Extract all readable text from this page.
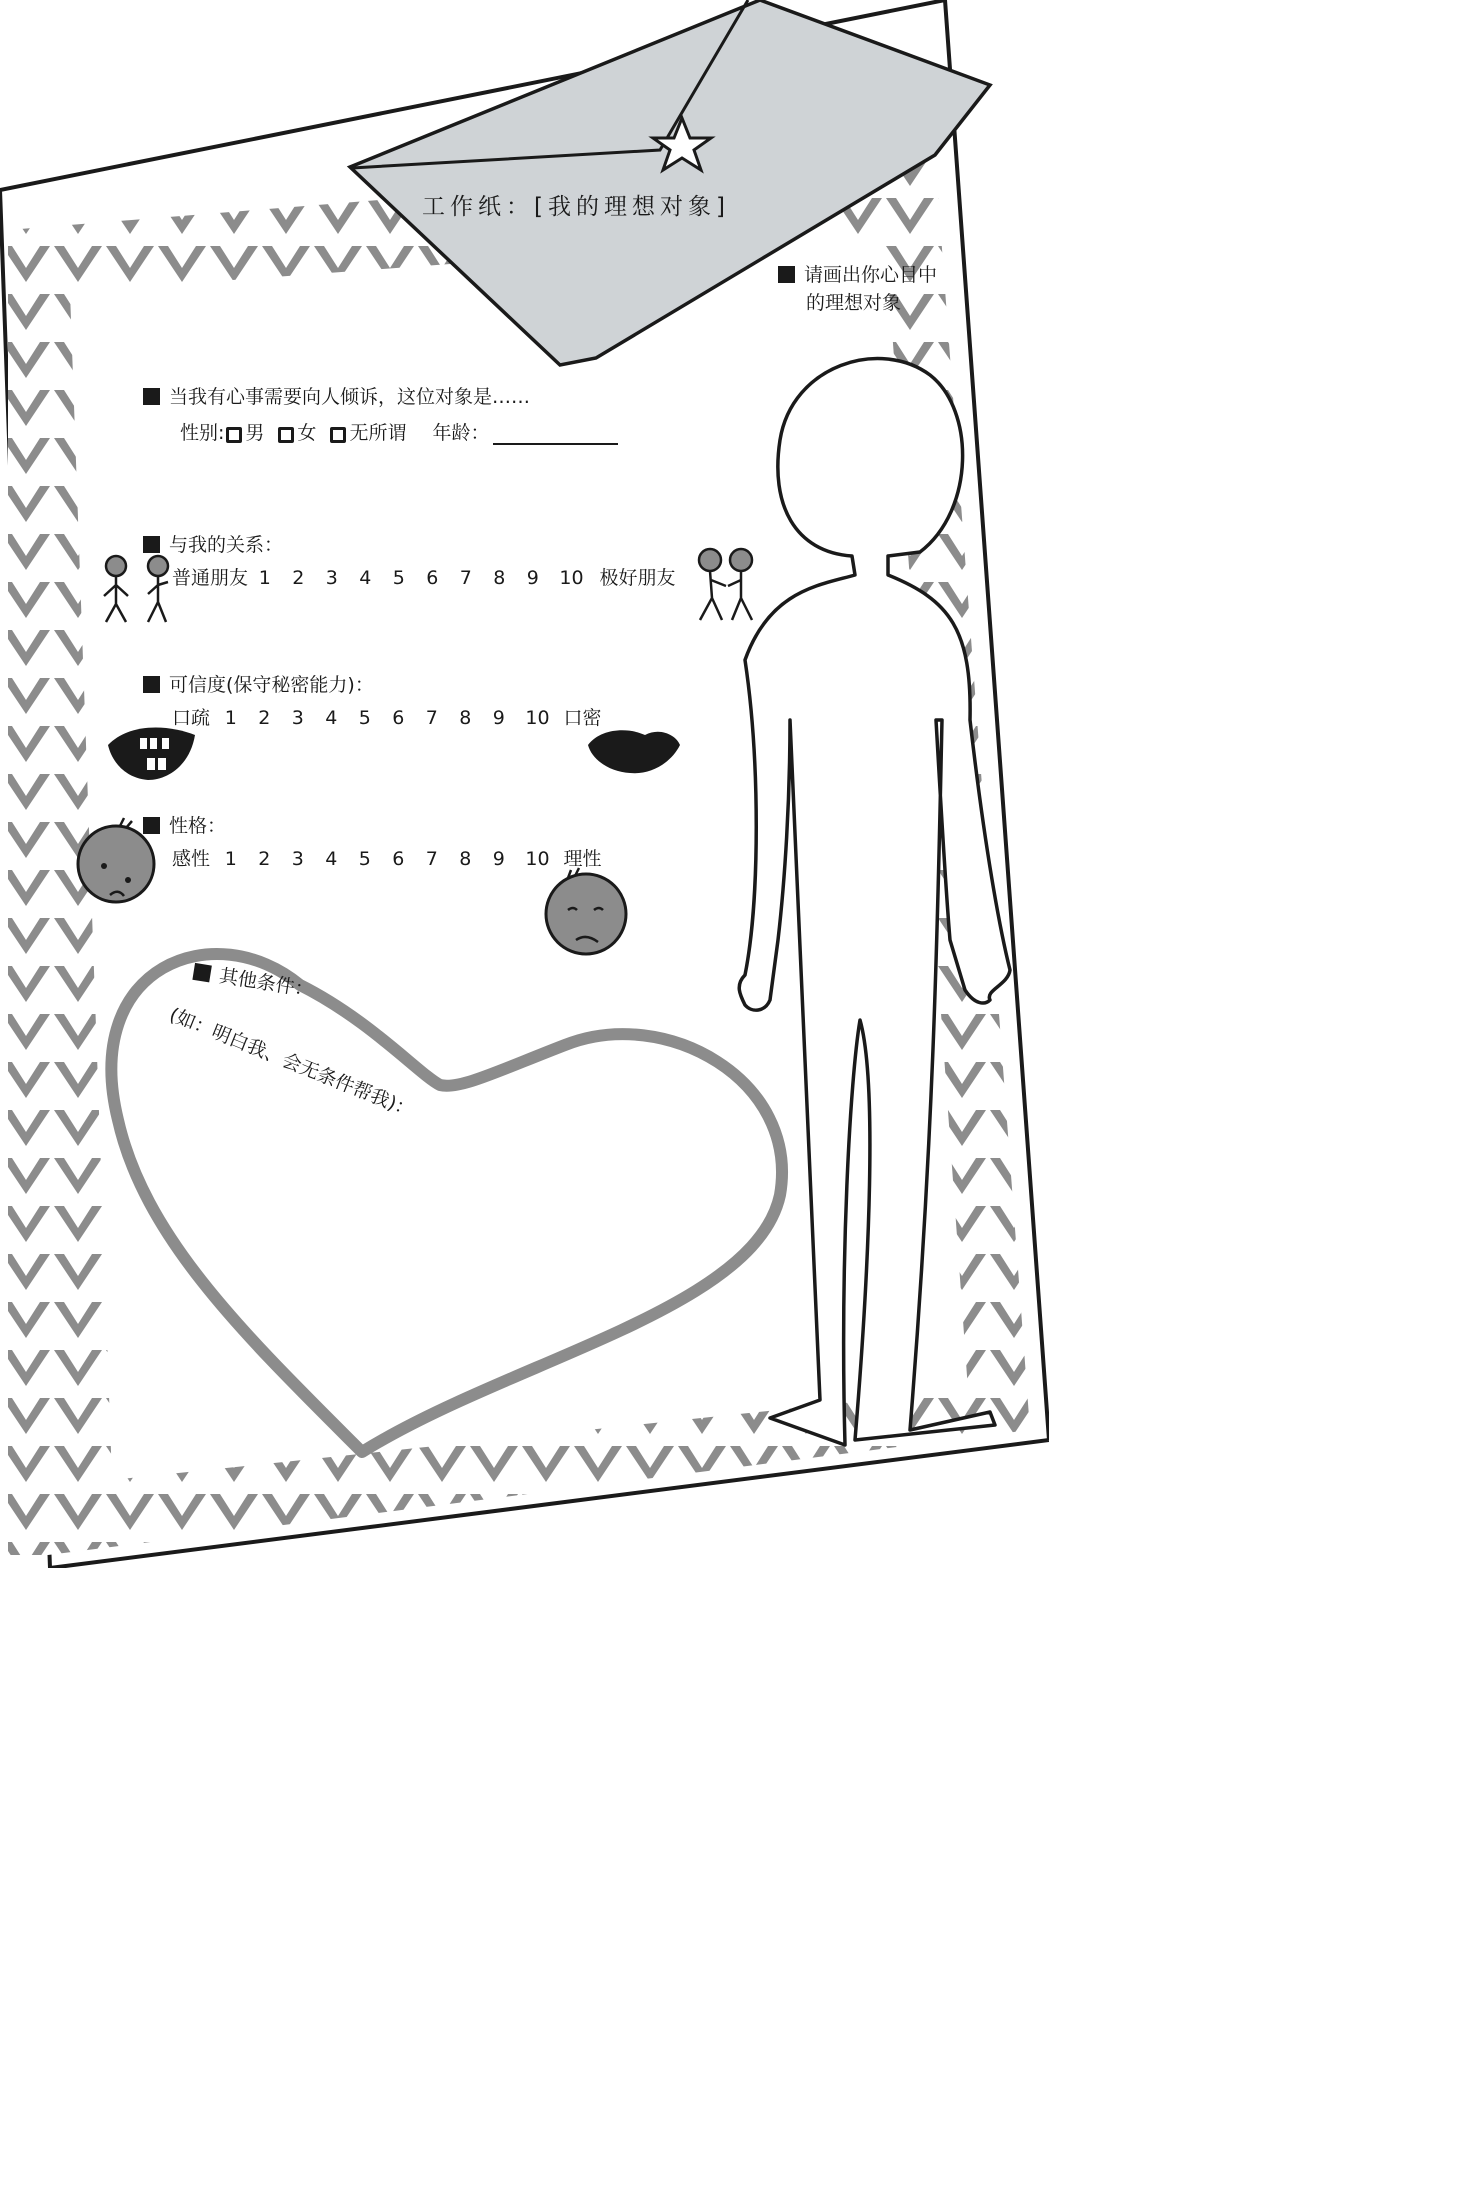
工作纸：[我的理想对象]
请画出你心目中
的理想对象
当我有心事需要向人倾诉，这位对象是……
性别: 男 女 无所谓 年龄：
与我的关系：
普通朋友 1 2 3 4 5 6 7 8 9 10 极好朋友
可信度(保守秘密能力)：
口疏 1 2 3 4 5 6 7 8 9 10 口密
性格：
感性 1 2 3 4 5 6 7 8 9 10 理性
其他条件：
(如：明白我、会无条件帮我)：
